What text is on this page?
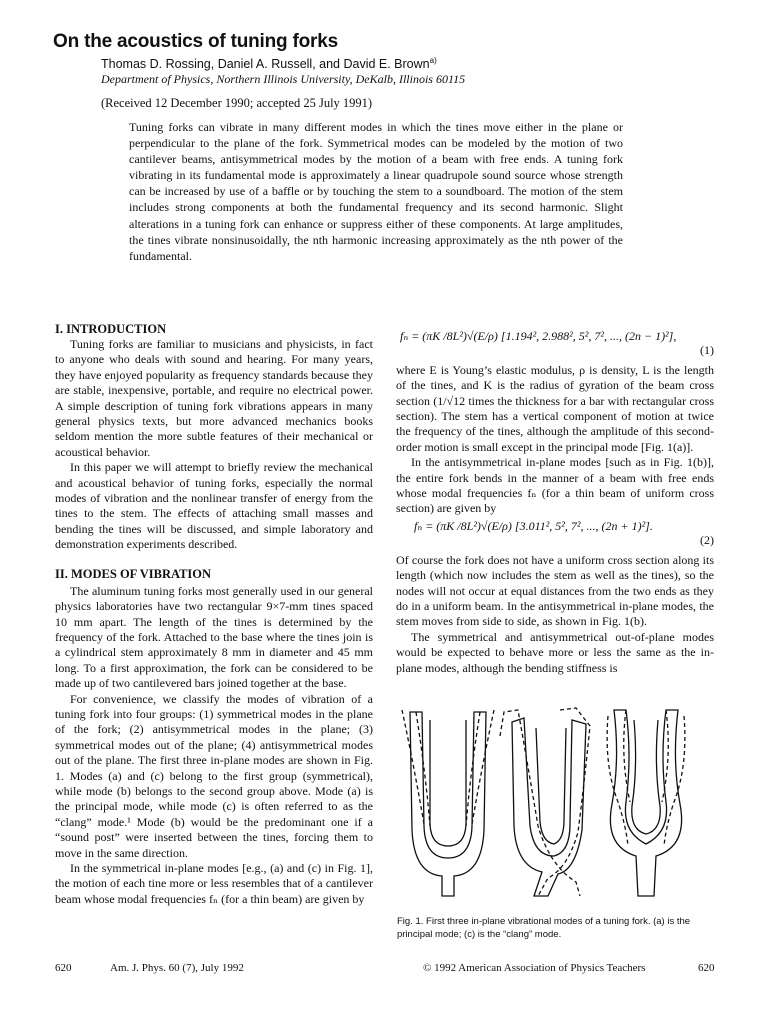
On the acoustics of tuning forks
Thomas D. Rossing, Daniel A. Russell, and David E. Brown$^{a)}$
Department of Physics, Northern Illinois University, DeKalb, Illinois 60115
(Received 12 December 1990; accepted 25 July 1991)

Tuning forks can vibrate in many different modes in which the tines move either in the plane or perpendicular to the plane of the fork. Symmetrical modes can be modeled by the motion of two cantilever beams, antisymmetrical modes by the motion of a beam with free ends. A tuning fork vibrating in its fundamental mode is approximately a linear quadrupole sound source whose strength can be increased by use of a baffle or by touching the stem to a soundboard. The motion of the stem includes strong components at both the fundamental frequency and its second harmonic. Slight alterations in a tuning fork can enhance or suppress either of these components. At large amplitudes, the tines vibrate nonsinusoidally, the nth harmonic increasing approximately as the nth power of the fundamental.

I. INTRODUCTION

Tuning forks are familiar to musicians and physicists, in fact to anyone who deals with sound and hearing. For many years, they have enjoyed popularity as frequency standards because they are stable, inexpensive, portable, and require no electrical power. A simple description of tuning fork vibrations appears in many general physics texts, but more advanced mechanics books seldom mention the more subtle features of their mechanical or acoustical behavior.

In this paper we will attempt to briefly review the mechanical and acoustical behavior of tuning forks, especially the normal modes of vibration and the nonlinear transfer of energy from the tines to the stem. The effects of attaching small masses and bending the tines will be discussed, and simple laboratory and demonstration experiments described.

II. MODES OF VIBRATION

The aluminum tuning forks most generally used in our general physics laboratories have two rectangular 9×7-mm tines spaced 10 mm apart. The length of the tines is determined by the frequency of the fork. Attached to the base where the tines join is a cylindrical stem approximately 8 mm in diameter and 45 mm long. To a first approximation, the fork can be considered to be made up of two cantilevered bars joined together at the base.

For convenience, we classify the modes of vibration of a tuning fork into four groups: (1) symmetrical modes in the plane of the fork; (2) antisymmetrical modes in the plane; (3) symmetrical modes out of the plane; (4) antisymmetrical modes out of the plane. The first three in-plane modes are shown in Fig. 1. Modes (a) and (c) belong to the first group (symmetrical), while mode (b) belongs to the second group above. Mode (a) is the principal mode, while mode (c) is often referred to as the “clang” mode.¹ Mode (b) would be the predominant one if a “sound post” were inserted between the tines, forcing them to move in the same direction.

In the symmetrical in-plane modes [e.g., (a) and (c) in Fig. 1], the motion of each tine more or less resembles that of a cantilever beam whose modal frequencies fₙ (for a thin beam) are given by

fₙ = (πK /8L²)√(E/ρ) [1.194², 2.988², 5², 7², ..., (2n − 1)²],
(1)

where E is Young’s elastic modulus, ρ is density, L is the length of the tines, and K is the radius of gyration of the beam cross section (1/√12 times the thickness for a bar with rectangular cross section). The stem has a vertical component of motion at twice the frequency of the tines, although the amplitude of this second-order motion is small except in the principal mode [Fig. 1(a)].

In the antisymmetrical in-plane modes [such as in Fig. 1(b)], the entire fork bends in the manner of a beam with free ends whose modal frequencies fₙ (for a thin beam of uniform cross section) are given by

fₙ = (πK /8L²)√(E/ρ) [3.011², 5², 7², ..., (2n + 1)²].
(2)

Of course the fork does not have a uniform cross section along its length (which now includes the stem as well as the tines), so the nodes will not occur at equal distances from the two ends as they do in a uniform beam. In the antisymmetrical in-plane modes, the stem moves from side to side, as shown in Fig. 1(b).

The symmetrical and antisymmetrical out-of-plane modes would be expected to behave more or less the same as the in-plane modes, although the bending stiffness is

Fig. 1. First three in-plane vibrational modes of a tuning fork. (a) is the principal mode; (c) is the “clang” mode.

620	Am. J. Phys. 60 (7), July 1992	© 1992 American Association of Physics Teachers	620
